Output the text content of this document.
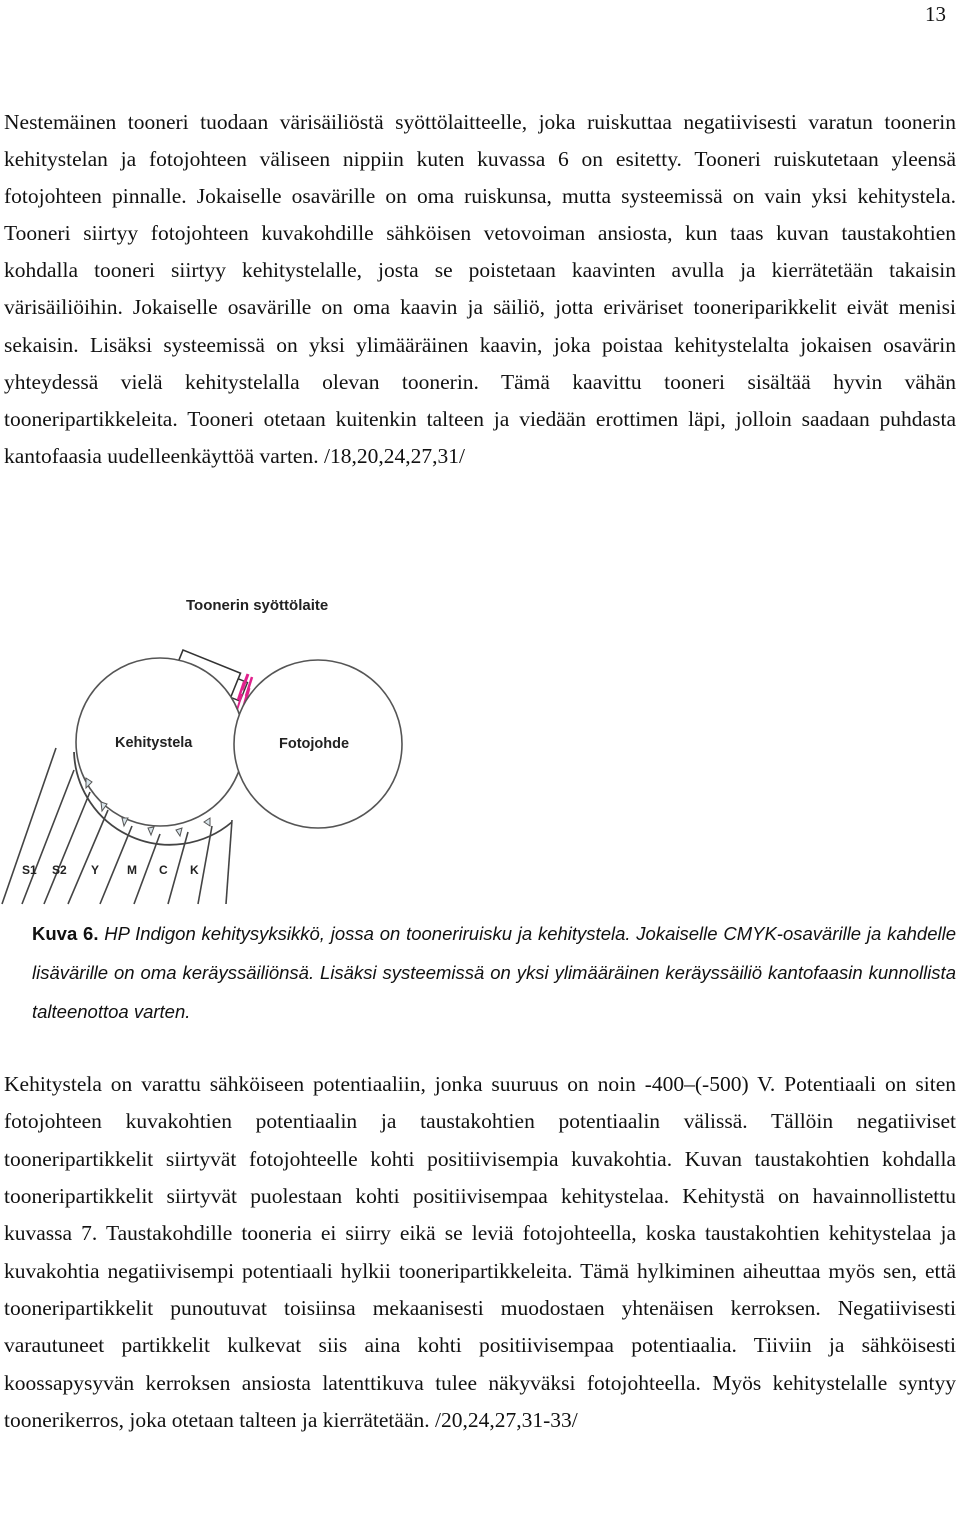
13

Nestemäinen tooneri tuodaan värisäiliöstä syöttölaitteelle, joka ruiskuttaa negatiivisesti varatun toonerin kehitystelan ja fotojohteen väliseen nippiin kuten kuvassa 6 on esitetty. Tooneri ruiskutetaan yleensä fotojohteen pinnalle. Jokaiselle osavärille on oma ruiskunsa, mutta systeemissä on vain yksi kehitystela. Tooneri siirtyy fotojohteen kuvakohdille sähköisen vetovoiman ansiosta, kun taas kuvan taustakohtien kohdalla tooneri siirtyy kehitystelalle, josta se poistetaan kaavinten avulla ja kierrätetään takaisin värisäiliöihin. Jokaiselle osavärille on oma kaavin ja säiliö, jotta eriväriset tooneriparikkelit eivät menisi sekaisin. Lisäksi systeemissä on yksi ylimääräinen kaavin, joka poistaa kehitystelalta jokaisen osavärin yhteydessä vielä kehitystelalla olevan toonerin. Tämä kaavittu tooneri sisältää hyvin vähän tooneripartikkeleita. Tooneri otetaan kuitenkin talteen ja viedään erottimen läpi, jolloin saadaan puhdasta kantofaasia uudelleenkäyttöä varten. /18,20,24,27,31/

Toonerin syöttölaite
Kehitystela	Fotojohde
S1 S2 Y M C K

Kuva 6. HP Indigon kehitysyksikkö, jossa on tooneriruisku ja kehitystela. Jokaiselle CMYK-osavärille ja kahdelle lisävärille on oma keräyssäiliönsä. Lisäksi systeemissä on yksi ylimääräinen keräyssäiliö kantofaasin kunnollista talteenottoa varten.

Kehitystela on varattu sähköiseen potentiaaliin, jonka suuruus on noin -400–(-500) V. Potentiaali on siten fotojohteen kuvakohtien potentiaalin ja taustakohtien potentiaalin välissä. Tällöin negatiiviset tooneripartikkelit siirtyvät fotojohteelle kohti positiivisempia kuvakohtia. Kuvan taustakohtien kohdalla tooneripartikkelit siirtyvät puolestaan kohti positiivisempaa kehitystelaa. Kehitystä on havainnollistettu kuvassa 7. Taustakohdille tooneria ei siirry eikä se leviä fotojohteella, koska taustakohtien kehitystelaa ja kuvakohtia negatiivisempi potentiaali hylkii tooneripartikkeleita. Tämä hylkiminen aiheuttaa myös sen, että tooneripartikkelit punoutuvat toisiinsa mekaanisesti muodostaen yhtenäisen kerroksen. Negatiivisesti varautuneet partikkelit kulkevat siis aina kohti positiivisempaa potentiaalia. Tiiviin ja sähköisesti koossapysyvän kerroksen ansiosta latenttikuva tulee näkyväksi fotojohteella. Myös kehitystelalle syntyy toonerikerros, joka otetaan talteen ja kierrätetään. /20,24,27,31-33/
